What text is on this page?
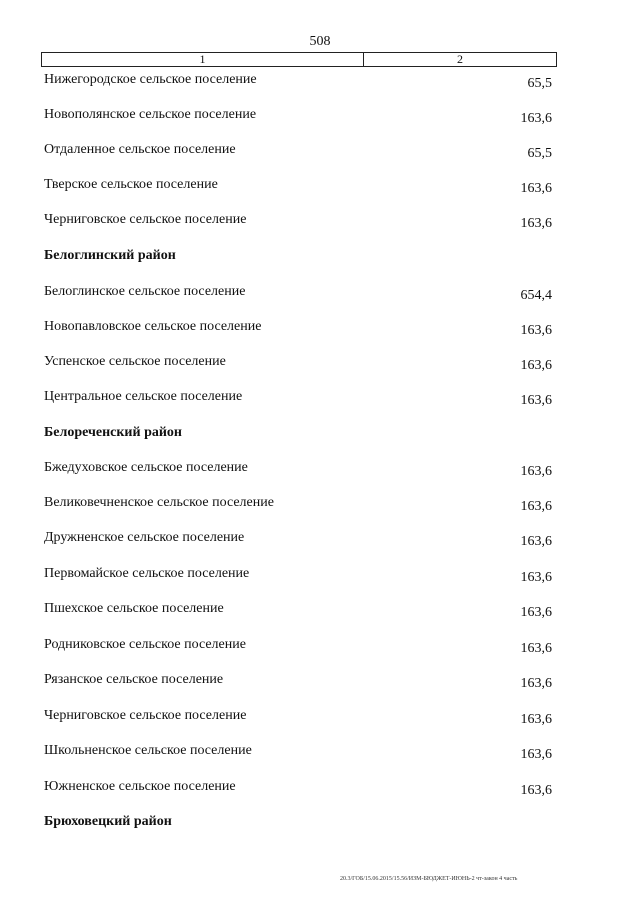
508
1	2
Нижегородское сельское поселение	65,5
Новополянское сельское поселение	163,6
Отдаленное сельское поселение	65,5
Тверское сельское поселение	163,6
Черниговское сельское поселение	163,6
Белоглинский район
Белоглинское сельское поселение	654,4
Новопавловское сельское поселение	163,6
Успенское сельское поселение	163,6
Центральное сельское поселение	163,6
Белореченский район
Бжедуховское сельское поселение	163,6
Великовечненское сельское поселение	163,6
Дружненское сельское поселение	163,6
Первомайское сельское поселение	163,6
Пшехское сельское поселение	163,6
Родниковское сельское поселение	163,6
Рязанское сельское поселение	163,6
Черниговское сельское поселение	163,6
Школьненское сельское поселение	163,6
Южненское сельское поселение	163,6
Брюховецкий район
20.3/ГОБ/15.06.2015/15.56/ИЗМ-БЮДЖЕТ-ИЮНЬ-2 чт-закон 4 часть
